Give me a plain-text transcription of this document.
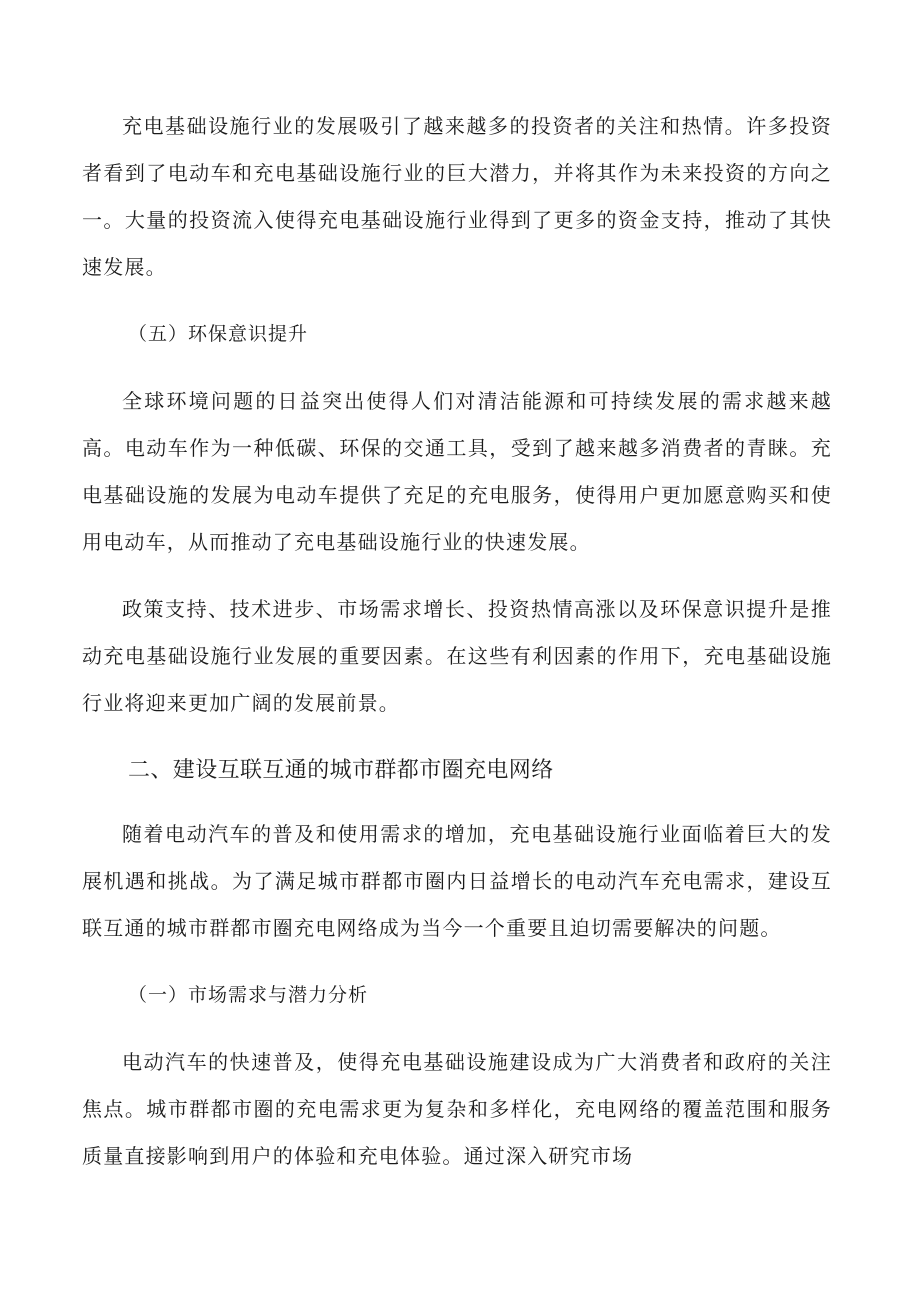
充电基础设施行业的发展吸引了越来越多的投资者的关注和热情。许多投资者看到了电动车和充电基础设施行业的巨大潜力，并将其作为未来投资的方向之一。大量的投资流入使得充电基础设施行业得到了更多的资金支持，推动了其快速发展。

（五）环保意识提升

全球环境问题的日益突出使得人们对清洁能源和可持续发展的需求越来越高。电动车作为一种低碳、环保的交通工具，受到了越来越多消费者的青睐。充电基础设施的发展为电动车提供了充足的充电服务，使得用户更加愿意购买和使用电动车，从而推动了充电基础设施行业的快速发展。

政策支持、技术进步、市场需求增长、投资热情高涨以及环保意识提升是推动充电基础设施行业发展的重要因素。在这些有利因素的作用下，充电基础设施行业将迎来更加广阔的发展前景。

二、建设互联互通的城市群都市圈充电网络

随着电动汽车的普及和使用需求的增加，充电基础设施行业面临着巨大的发展机遇和挑战。为了满足城市群都市圈内日益增长的电动汽车充电需求，建设互联互通的城市群都市圈充电网络成为当今一个重要且迫切需要解决的问题。

（一）市场需求与潜力分析

电动汽车的快速普及，使得充电基础设施建设成为广大消费者和政府的关注焦点。城市群都市圈的充电需求更为复杂和多样化，充电网络的覆盖范围和服务质量直接影响到用户的体验和充电体验。通过深入研究市场
